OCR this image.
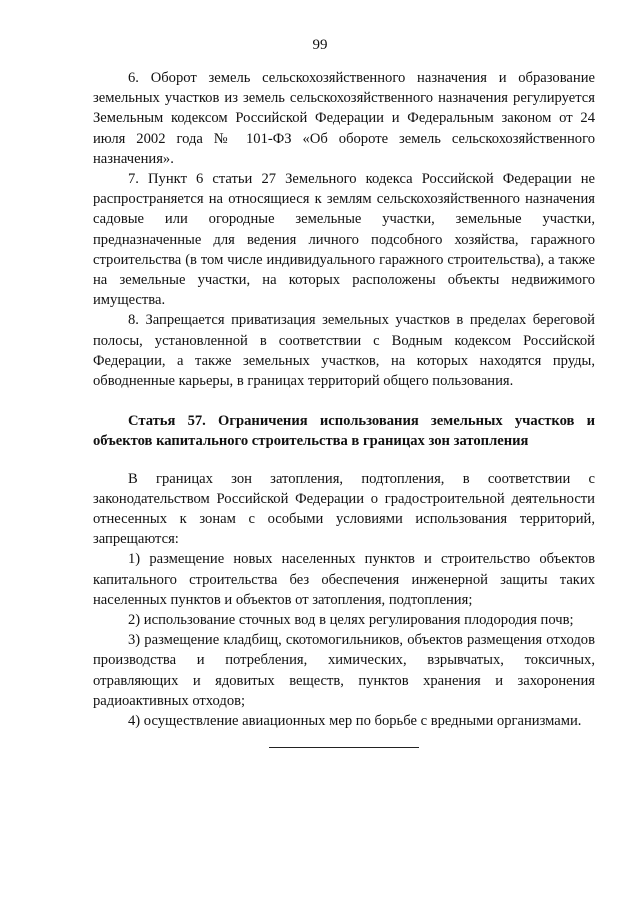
99

6. Оборот земель сельскохозяйственного назначения и образование земельных участков из земель сельскохозяйственного назначения регулируется Земельным кодексом Российской Федерации и Федеральным законом от 24 июля 2002 года № 101-ФЗ «Об обороте земель сельскохозяйственного назначения».

7. Пункт 6 статьи 27 Земельного кодекса Российской Федерации не распространяется на относящиеся к землям сельскохозяйственного назначения садовые или огородные земельные участки, земельные участки, предназначенные для ведения личного подсобного хозяйства, гаражного строительства (в том числе индивидуального гаражного строительства), а также на земельные участки, на которых расположены объекты недвижимого имущества.

8. Запрещается приватизация земельных участков в пределах береговой полосы, установленной в соответствии с Водным кодексом Российской Федерации, а также земельных участков, на которых находятся пруды, обводненные карьеры, в границах территорий общего пользования.

Статья 57. Ограничения использования земельных участков и объектов капитального строительства в границах зон затопления

В границах зон затопления, подтопления, в соответствии с законодательством Российской Федерации о градостроительной деятельности отнесенных к зонам с особыми условиями использования территорий, запрещаются:

1) размещение новых населенных пунктов и строительство объектов капитального строительства без обеспечения инженерной защиты таких населенных пунктов и объектов от затопления, подтопления;

2) использование сточных вод в целях регулирования плодородия почв;

3) размещение кладбищ, скотомогильников, объектов размещения отходов производства и потребления, химических, взрывчатых, токсичных, отравляющих и ядовитых веществ, пунктов хранения и захоронения радиоактивных отходов;

4) осуществление авиационных мер по борьбе с вредными организмами.
